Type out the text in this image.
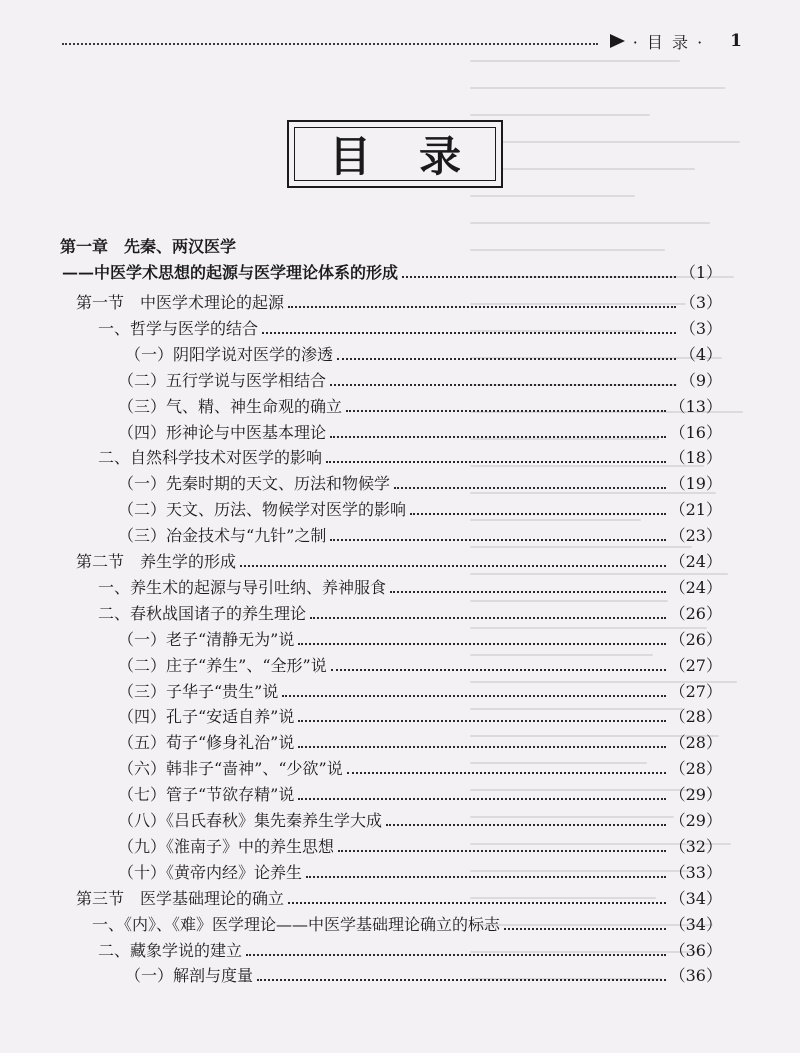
· 目 录 · 1
目录
第一章　先秦、两汉医学
——中医学术思想的起源与医学理论体系的形成	（1）
第一节　中医学术理论的起源	（3）
一、哲学与医学的结合	（3）
（一）阴阳学说对医学的渗透	（4）
（二）五行学说与医学相结合	（9）
（三）气、精、神生命观的确立	（13）
（四）形神论与中医基本理论	（16）
二、自然科学技术对医学的影响	（18）
（一）先秦时期的天文、历法和物候学	（19）
（二）天文、历法、物候学对医学的影响	（21）
（三）冶金技术与“九针”之制	（23）
第二节　养生学的形成	（24）
一、养生术的起源与导引吐纳、养神服食	（24）
二、春秋战国诸子的养生理论	（26）
（一）老子“清静无为”说	（26）
（二）庄子“养生”、“全形”说	（27）
（三）子华子“贵生”说	（27）
（四）孔子“安适自养”说	（28）
（五）荀子“修身礼治”说	（28）
（六）韩非子“啬神”、“少欲”说	（28）
（七）管子“节欲存精”说	（29）
（八）《吕氏春秋》集先秦养生学大成	（29）
（九）《淮南子》中的养生思想	（32）
（十）《黄帝内经》论养生	（33）
第三节　医学基础理论的确立	（34）
一、《内》、《难》医学理论——中医学基础理论确立的标志	（34）
二、藏象学说的建立	（36）
（一）解剖与度量	（36）
